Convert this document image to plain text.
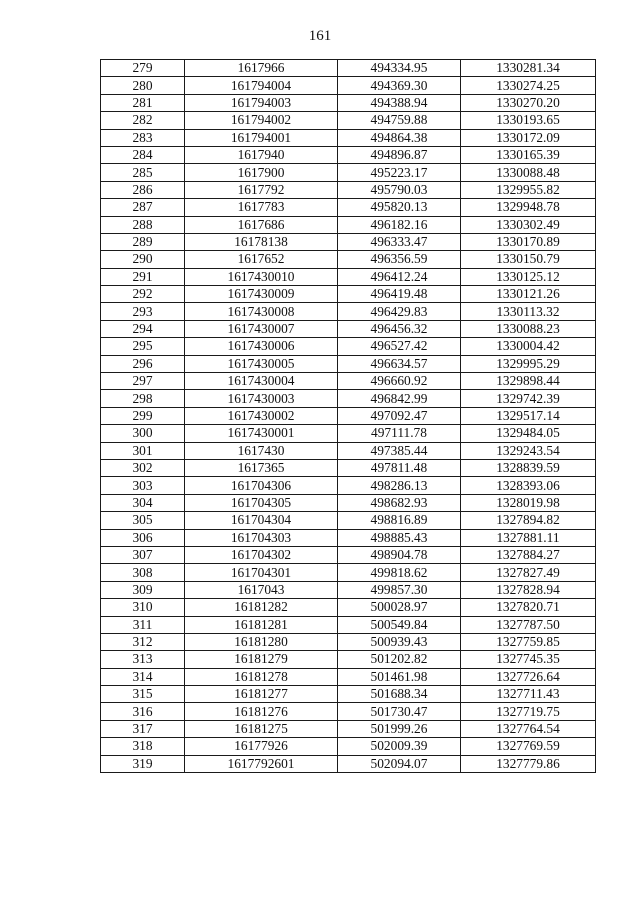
161
279	1617966	494334.95	1330281.34
280	161794004	494369.30	1330274.25
281	161794003	494388.94	1330270.20
282	161794002	494759.88	1330193.65
283	161794001	494864.38	1330172.09
284	1617940	494896.87	1330165.39
285	1617900	495223.17	1330088.48
286	1617792	495790.03	1329955.82
287	1617783	495820.13	1329948.78
288	1617686	496182.16	1330302.49
289	16178138	496333.47	1330170.89
290	1617652	496356.59	1330150.79
291	1617430010	496412.24	1330125.12
292	1617430009	496419.48	1330121.26
293	1617430008	496429.83	1330113.32
294	1617430007	496456.32	1330088.23
295	1617430006	496527.42	1330004.42
296	1617430005	496634.57	1329995.29
297	1617430004	496660.92	1329898.44
298	1617430003	496842.99	1329742.39
299	1617430002	497092.47	1329517.14
300	1617430001	497111.78	1329484.05
301	1617430	497385.44	1329243.54
302	1617365	497811.48	1328839.59
303	161704306	498286.13	1328393.06
304	161704305	498682.93	1328019.98
305	161704304	498816.89	1327894.82
306	161704303	498885.43	1327881.11
307	161704302	498904.78	1327884.27
308	161704301	499818.62	1327827.49
309	1617043	499857.30	1327828.94
310	16181282	500028.97	1327820.71
311	16181281	500549.84	1327787.50
312	16181280	500939.43	1327759.85
313	16181279	501202.82	1327745.35
314	16181278	501461.98	1327726.64
315	16181277	501688.34	1327711.43
316	16181276	501730.47	1327719.75
317	16181275	501999.26	1327764.54
318	16177926	502009.39	1327769.59
319	1617792601	502094.07	1327779.86
